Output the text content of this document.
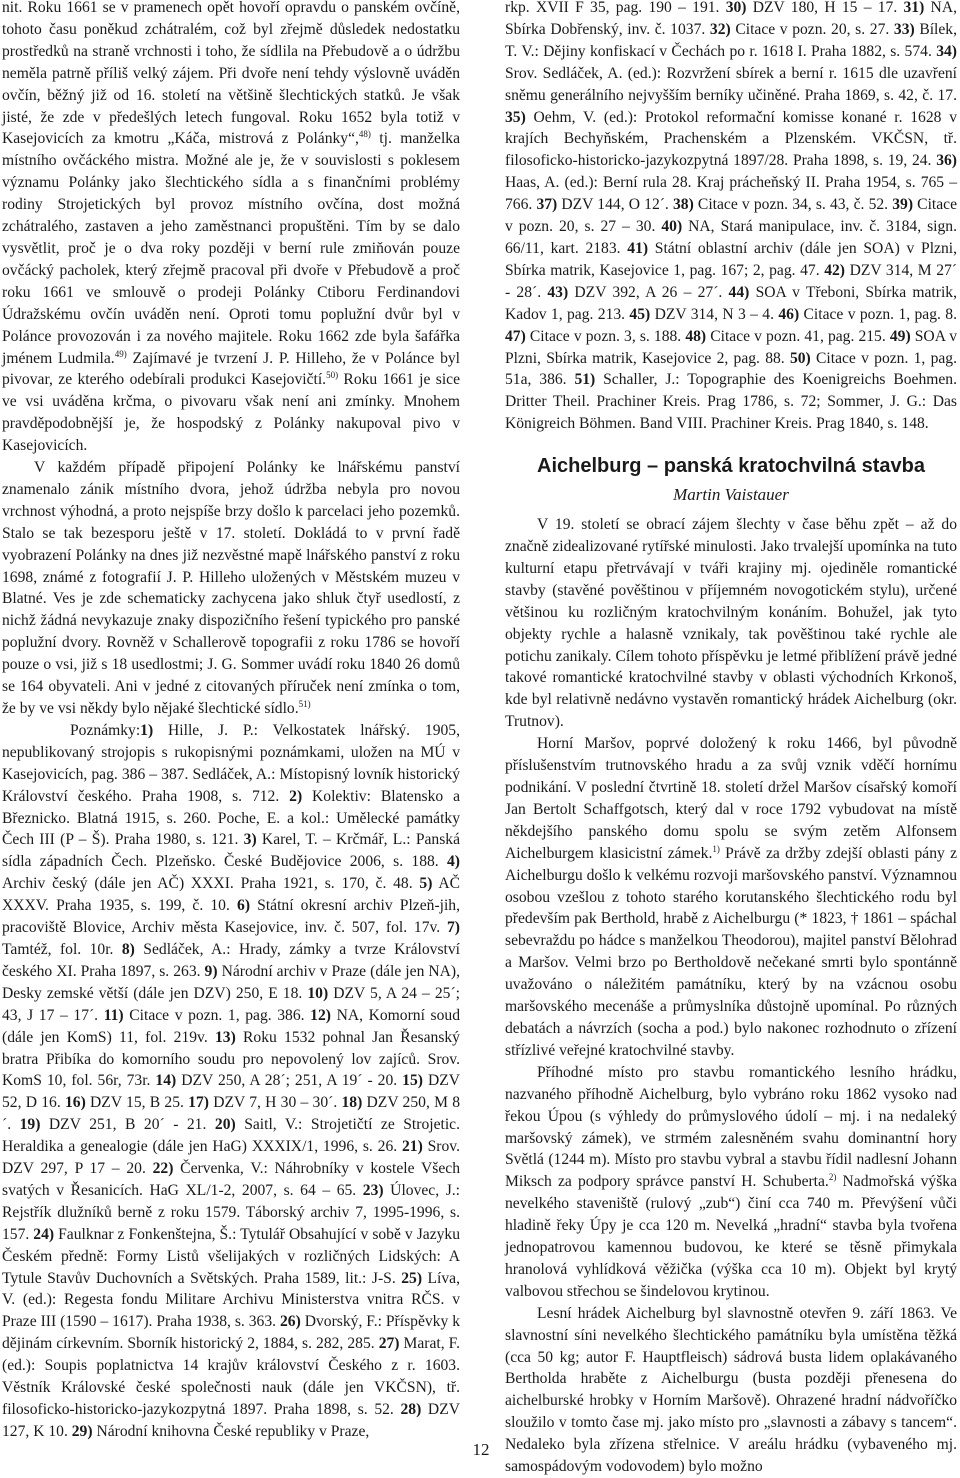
nit. Roku 1661 se v pramenech opět hovoří opravdu o panském ovčíně, tohoto času poněkud zchátralém, což byl zřejmě důsledek nedostatku prostředků na straně vrchnosti i toho, že sídlila na Přebudově a o údržbu neměla patrně příliš velký zájem. Při dvoře není tehdy výslovně uváděn ovčín, běžný již od 16. století na většině šlechtických statků. Je však jisté, že zde v předešlých letech fungoval. Roku 1652 byla totiž v Kasejovicích za kmotru „Káča, mistrová z Polánky“,$^{48)}$ tj. manželka místního ovčáckého mistra. Možné ale je, že v souvislosti s poklesem významu Polánky jako šlechtického sídla a s finančními problémy rodiny Strojetických byl provoz místního ovčína, dost možná zchátralého, zastaven a jeho zaměstnanci propuštěni. Tím by se dalo vysvětlit, proč je o dva roky později v berní rule zmiňován pouze ovčácký pacholek, který zřejmě pracoval při dvoře v Přebudově a proč roku 1661 ve smlouvě o prodeji Polánky Ctiboru Ferdinandovi Údražskému ovčín uváděn není. Oproti tomu poplužní dvůr byl v Polánce provozován i za nového majitele. Roku 1662 zde byla šafářka jménem Ludmila.$^{49)}$ Zajímavé je tvrzení J. P. Hilleho, že v Polánce byl pivovar, ze kterého odebírali produkci Kasejovičtí.$^{50)}$ Roku 1661 je sice ve vsi uváděna krčma, o pivovaru však není ani zmínky. Mnohem pravděpodobnější je, že hospodský z Polánky nakupoval pivo v Kasejovicích.

V každém případě připojení Polánky ke lnářskému panství znamenalo zánik místního dvora, jehož údržba nebyla pro novou vrchnost výhodná, a proto nejspíše brzy došlo k parcelaci jeho pozemků. Stalo se tak bezesporu ještě v 17. století. Dokládá to v první řadě vyobrazení Polánky na dnes již nezvěstné mapě lnářského panství z roku 1698, známé z fotografií J. P. Hilleho uložených v Městském muzeu v Blatné. Ves je zde schematicky zachycena jako shluk čtyř usedlostí, z nichž žádná nevykazuje znaky dispozičního řešení typického pro panské poplužní dvory. Rovněž v Schallerově topografii z roku 1786 se hovoří pouze o vsi, již s 18 usedlostmi; J. G. Sommer uvádí roku 1840 26 domů se 164 obyvateli. Ani v jedné z citovaných příruček není zmínka o tom, že by ve vsi někdy bylo nějaké šlechtické sídlo.$^{51)}$

Poznámky:1) Hille, J. P.: Velkostatek lnářský. 1905, nepublikovaný strojopis s rukopisnými poznámkami, uložen na MÚ v Kasejovicích, pag. 386 – 387. Sedláček, A.: Místopisný lovník historický Království českého. Praha 1908, s. 712. 2) Kolektiv: Blatensko a Březnicko. Blatná 1915, s. 260. Poche, E. a kol.: Umělecké památky Čech III (P – Š). Praha 1980, s. 121. 3) Karel, T. – Krčmář, L.: Panská sídla západních Čech. Plzeňsko. České Budějovice 2006, s. 188. 4) Archiv český (dále jen AČ) XXXI. Praha 1921, s. 170, č. 48. 5) AČ XXXV. Praha 1935, s. 199, č. 10. 6) Státní okresní archiv Plzeň-jih, pracoviště Blovice, Archiv města Kasejovice, inv. č. 507, fol. 17v. 7) Tamtéž, fol. 10r. 8) Sedláček, A.: Hrady, zámky a tvrze Království českého XI. Praha 1897, s. 263. 9) Národní archiv v Praze (dále jen NA), Desky zemské větší (dále jen DZV) 250, E 18. 10) DZV 5, A 24 – 25´; 43, J 17 – 17´. 11) Citace v pozn. 1, pag. 386. 12) NA, Komorní soud (dále jen KomS) 11, fol. 219v. 13) Roku 1532 pohnal Jan Řesanský bratra Přibíka do komorního soudu pro nepovolený lov zajíců. Srov. KomS 10, fol. 56r, 73r. 14) DZV 250, A 28´; 251, A 19´ - 20. 15) DZV 52, D 16. 16) DZV 15, B 25. 17) DZV 7, H 30 – 30´. 18) DZV 250, M 8´. 19) DZV 251, B 20´ - 21. 20) Saitl, V.: Strojetičtí ze Strojetic. Heraldika a genealogie (dále jen HaG) XXXIX/1, 1996, s. 26. 21) Srov. DZV 297, P 17 – 20. 22) Červenka, V.: Náhrobníky v kostele Všech svatých v Řesanicích. HaG XL/1-2, 2007, s. 64 – 65. 23) Úlovec, J.: Rejstřík dlužníků berně z roku 1579. Táborský archiv 7, 1995-1996, s. 157. 24) Faulknar z Fonkenštejna, Š.: Tytulář Obsahující v sobě v Jazyku Českém předně: Formy Listů všelijakých v rozličných Lidských: A Tytule Stavův Duchovních a Světských. Praha 1589, lit.: J-S. 25) Líva, V. (ed.): Regesta fondu Militare Archivu Ministerstva vnitra RČS. v Praze III (1590 – 1617). Praha 1938, s. 363. 26) Dvorský, F.: Příspěvky k dějinám církevním. Sborník historický 2, 1884, s. 282, 285. 27) Marat, F. (ed.): Soupis poplatnictva 14 krajův království Českého z r. 1603. Věstník Královské české společnosti nauk (dále jen VKČSN), tř. filosoficko-historicko-jazykozpytná 1897. Praha 1898, s. 52. 28) DZV 127, K 10. 29) Národní knihovna České republiky v Praze,

rkp. XVII F 35, pag. 190 – 191. 30) DZV 180, H 15 – 17. 31) NA, Sbírka Dobřenský, inv. č. 1037. 32) Citace v pozn. 20, s. 27. 33) Bílek, T. V.: Dějiny konfiskací v Čechách po r. 1618 I. Praha 1882, s. 574. 34) Srov. Sedláček, A. (ed.): Rozvržení sbírek a berní r. 1615 dle uzavření sněmu generálního nejvyšším berníky učiněné. Praha 1869, s. 42, č. 17. 35) Oehm, V. (ed.): Protokol reformační komisse konané r. 1628 v krajích Bechyňském, Prachenském a Plzenském. VKČSN, tř. filosoficko-historicko-jazykozpytná 1897/28. Praha 1898, s. 19, 24. 36) Haas, A. (ed.): Berní rula 28. Kraj prácheňský II. Praha 1954, s. 765 – 766. 37) DZV 144, O 12´. 38) Citace v pozn. 34, s. 43, č. 52. 39) Citace v pozn. 20, s. 27 – 30. 40) NA, Stará manipulace, inv. č. 3184, sign. 66/11, kart. 2183. 41) Státní oblastní archiv (dále jen SOA) v Plzni, Sbírka matrik, Kasejovice 1, pag. 167; 2, pag. 47. 42) DZV 314, M 27´ - 28´. 43) DZV 392, A 26 – 27´. 44) SOA v Třeboni, Sbírka matrik, Kadov 1, pag. 213. 45) DZV 314, N 3 – 4. 46) Citace v pozn. 1, pag. 8. 47) Citace v pozn. 3, s. 188. 48) Citace v pozn. 41, pag. 215. 49) SOA v Plzni, Sbírka matrik, Kasejovice 2, pag. 88. 50) Citace v pozn. 1, pag. 51a, 386. 51) Schaller, J.: Topographie des Koenigreichs Boehmen. Dritter Theil. Prachiner Kreis. Prag 1786, s. 72; Sommer, J. G.: Das Königreich Böhmen. Band VIII. Prachiner Kreis. Prag 1840, s. 148.

Aichelburg – panská kratochvilná stavba
Martin Vaistauer

V 19. století se obrací zájem šlechty v čase běhu zpět – až do značně zidealizované rytířské minulosti. Jako trvalejší upomínka na tuto kulturní etapu přetrvávají v tváři krajiny mj. ojediněle romantické stavby (stavěné pověštinou v příjemném novogotickém stylu), určené většinou ku rozličným kratochvilným konáním. Bohužel, jak tyto objekty rychle a halasně vznikaly, tak pověštinou také rychle ale potichu zanikaly. Cílem tohoto příspěvku je letmé přiblížení právě jedné takové romantické kratochvilné stavby v oblasti východních Krkonoš, kde byl relativně nedávno vystavěn romantický hrádek Aichelburg (okr. Trutnov).

Horní Maršov, poprvé doložený k roku 1466, byl původně příslušenstvím trutnovského hradu a za svůj vznik vděčí hornímu podnikání. V poslední čtvrtině 18. století držel Maršov císařský komoří Jan Bertolt Schaffgotsch, který dal v roce 1792 vybudovat na místě někdejšího panského domu spolu se svým zetěm Alfonsem Aichelburgem klasicistní zámek.$^{1)}$ Právě za držby zdejší oblasti pány z Aichelburgu došlo k velkému rozvoji maršovského panství. Významnou osobou vzešlou z tohoto starého korutanského šlechtického rodu byl především pak Berthold, hrabě z Aichelburgu (* 1823, † 1861 – spáchal sebevraždu po hádce s manželkou Theodorou), majitel panství Bělohrad a Maršov. Velmi brzo po Bertholdově nečekané smrti bylo spontánně uvažováno o náležitém památníku, který by na vzácnou osobu maršovského mecenáše a průmyslníka důstojně upomínal. Po různých debatách a návrzích (socha a pod.) bylo nakonec rozhodnuto o zřízení střízlivé veřejné kratochvilné stavby.

Příhodné místo pro stavbu romantického lesního hrádku, nazvaného příhodně Aichelburg, bylo vybráno roku 1862 vysoko nad řekou Úpou (s výhledy do průmyslového údolí – mj. i na nedaleký maršovský zámek), ve strmém zalesněném svahu dominantní hory Světlá (1244 m). Místo pro stavbu vybral a stavbu řídil nadlesní Johann Miksch za podpory správce panství H. Schuberta.$^{2)}$ Nadmořská výška nevelkého staveniště (rulový „zub“) činí cca 740 m. Převýšení vůči hladině řeky Úpy je cca 120 m. Nevelká „hradní“ stavba byla tvořena jednopatrovou kamennou budovou, ke které se těsně přimykala hranolová vyhlídková věžička (výška cca 10 m). Objekt byl krytý valbovou střechou se šindelovou krytinou.

Lesní hrádek Aichelburg byl slavnostně otevřen 9. září 1863. Ve slavnostní síni nevelkého šlechtického památníku byla umístěna těžká (cca 50 kg; autor F. Hauptfleisch) sádrová busta lidem oplakávaného Bertholda hraběte z Aichelburgu (busta později přenesena do aichelburské hrobky v Horním Maršově). Ohrazené hradní nádvoříčko sloužilo v tomto čase mj. jako místo pro „slavnosti a zábavy s tancem“. Nedaleko byla zřízena střelnice. V areálu hrádku (vybaveného mj. samospádovým vodovodem) bylo možno

12
